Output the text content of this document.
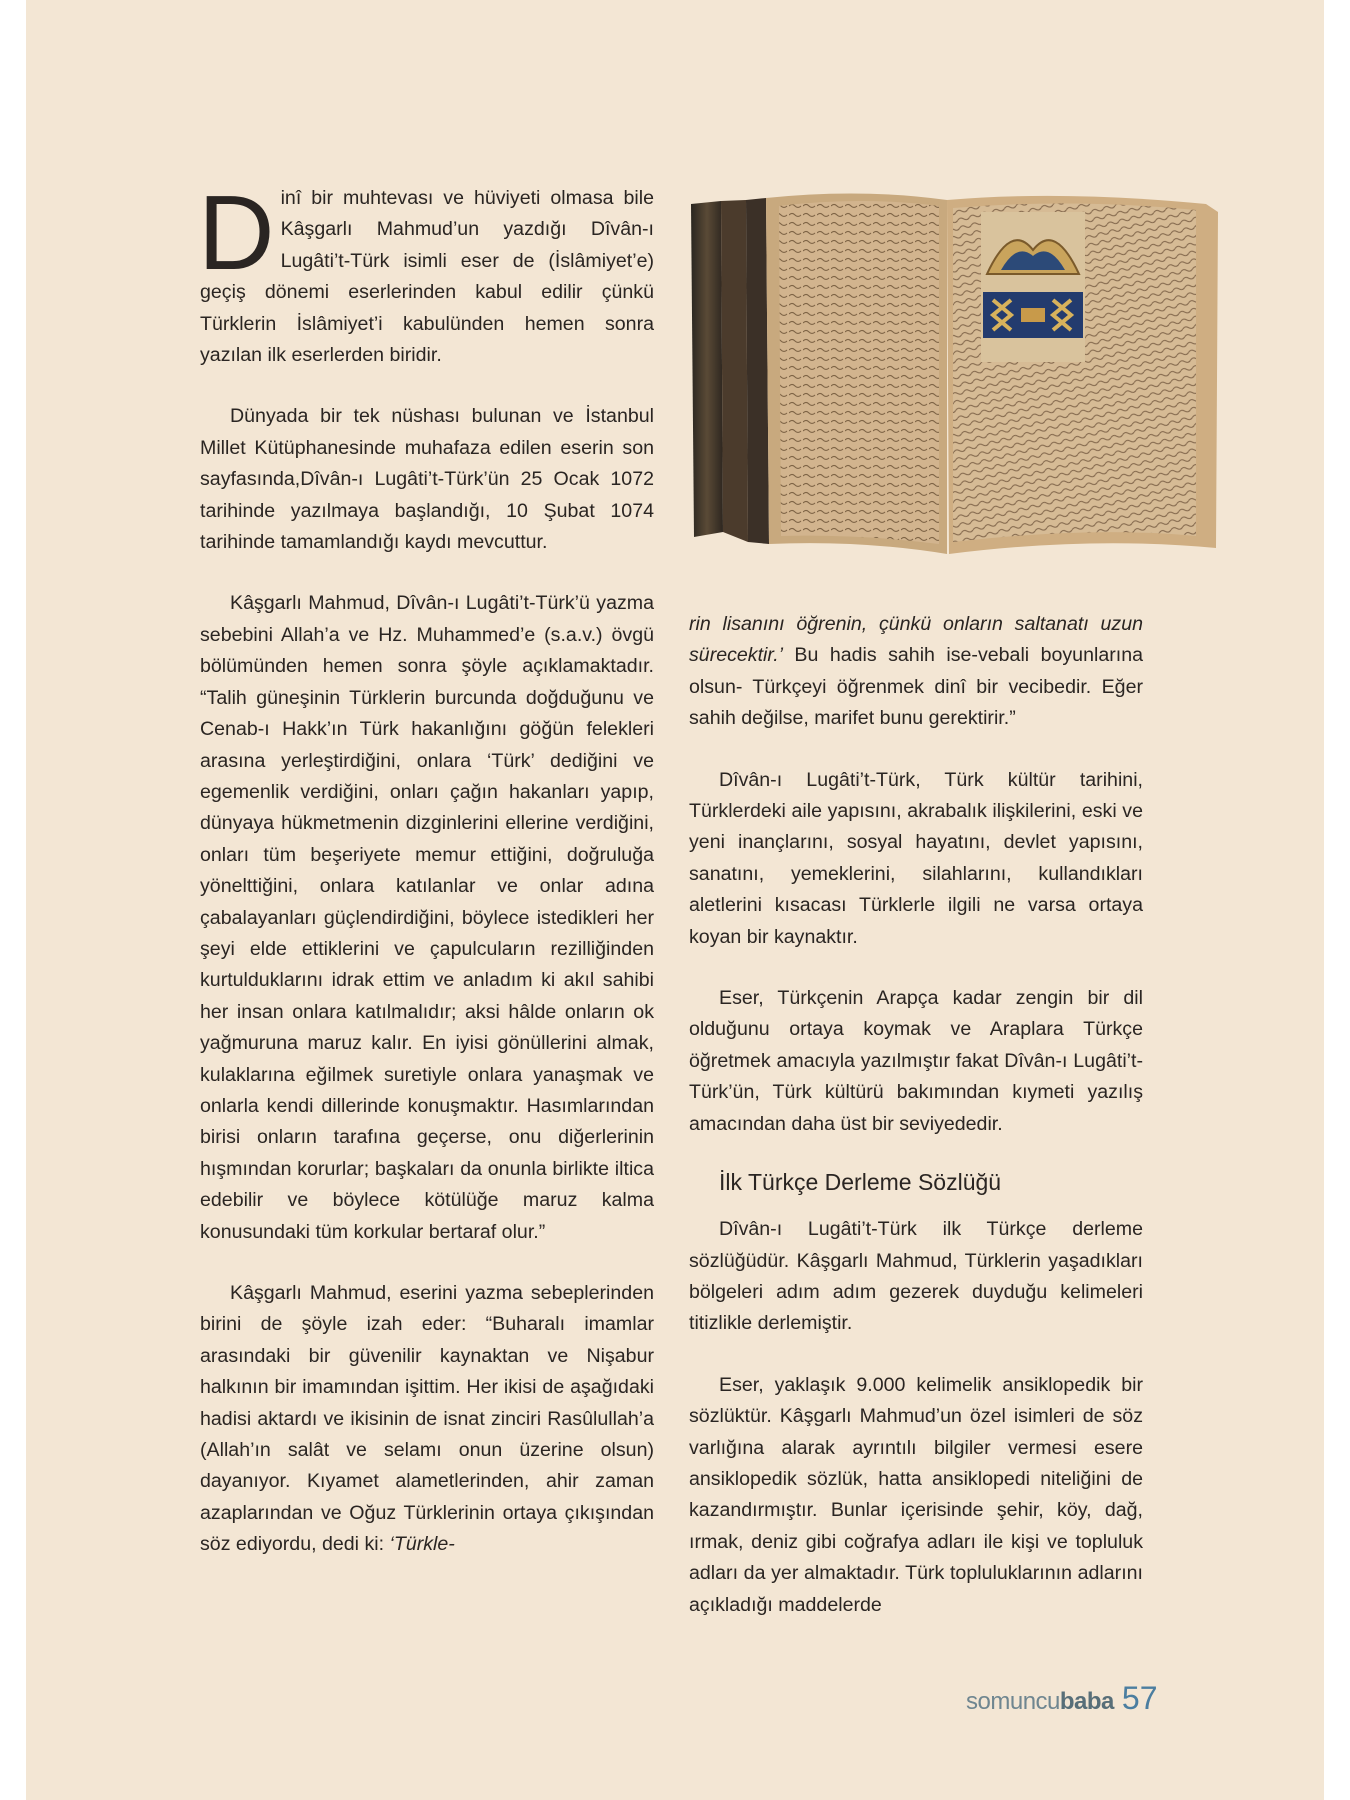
Dinî bir muhtevası ve hüviyeti olmasa bile Kâşgarlı Mahmud’un yazdığı Dîvân-ı Lugâti’t-Türk isimli eser de (İslâmiyet’e) geçiş dönemi eserlerinden kabul edilir çünkü Türklerin İslâmiyet’i kabulünden hemen sonra yazılan ilk eserlerden biridir.

Dünyada bir tek nüshası bulunan ve İstanbul Millet Kütüphanesinde muhafaza edilen eserin son sayfasında,Dîvân-ı Lugâti’t-Türk’ün 25 Ocak 1072 tarihinde yazılmaya başlandığı, 10 Şubat 1074 tarihinde tamamlandığı kaydı mevcuttur.

Kâşgarlı Mahmud, Dîvân-ı Lugâti’t-Türk’ü yazma sebebini Allah’a ve Hz. Muhammed’e (s.a.v.) övgü bölümünden hemen sonra şöyle açıklamaktadır. “Talih güneşinin Türklerin burcunda doğduğunu ve Cenab-ı Hakk’ın Türk hakanlığını göğün felekleri arasına yerleştirdiğini, onlara ‘Türk’ dediğini ve egemenlik verdiğini, onları çağın hakanları yapıp, dünyaya hükmetmenin dizginlerini ellerine verdiğini, onları tüm beşeriyete memur ettiğini, doğruluğa yönelttiğini, onlara katılanlar ve onlar adına çabalayanları güçlendirdiğini, böylece istedikleri her şeyi elde ettiklerini ve çapulcuların rezilliğinden kurtulduklarını idrak ettim ve anladım ki akıl sahibi her insan onlara katılmalıdır; aksi hâlde onların ok yağmuruna maruz kalır. En iyisi gönüllerini almak, kulaklarına eğilmek suretiyle onlara yanaşmak ve onlarla kendi dillerinde konuşmaktır. Hasımlarından birisi onların tarafına geçerse, onu diğerlerinin hışmından korurlar; başkaları da onunla birlikte iltica edebilir ve böylece kötülüğe maruz kalma konusundaki tüm korkular bertaraf olur.”

Kâşgarlı Mahmud, eserini yazma sebeplerinden birini de şöyle izah eder: “Buharalı imamlar arasındaki bir güvenilir kaynaktan ve Nişabur halkının bir imamından işittim. Her ikisi de aşağıdaki hadisi aktardı ve ikisinin de isnat zinciri Rasûlullah’a (Allah’ın salât ve selamı onun üzerine olsun) dayanıyor. Kıyamet alametlerinden, ahir zaman azaplarından ve Oğuz Türklerinin ortaya çıkışından söz ediyordu, dedi ki: ‘Türkle-

rin lisanını öğrenin, çünkü onların saltanatı uzun sürecektir.’ Bu hadis sahih ise-vebali boyunlarına olsun- Türkçeyi öğrenmek dinî bir vecibedir. Eğer sahih değilse, marifet bunu gerektirir.”

Dîvân-ı Lugâti’t-Türk, Türk kültür tarihini, Türklerdeki aile yapısını, akrabalık ilişkilerini, eski ve yeni inançlarını, sosyal hayatını, devlet yapısını, sanatını, yemeklerini, silahlarını, kullandıkları aletlerini kısacası Türklerle ilgili ne varsa ortaya koyan bir kaynaktır.

Eser, Türkçenin Arapça kadar zengin bir dil olduğunu ortaya koymak ve Araplara Türkçe öğretmek amacıyla yazılmıştır fakat Dîvân-ı Lugâti’t-Türk’ün, Türk kültürü bakımından kıymeti yazılış amacından daha üst bir seviyededir.

İlk Türkçe Derleme Sözlüğü

Dîvân-ı Lugâti’t-Türk ilk Türkçe derleme sözlüğüdür. Kâşgarlı Mahmud, Türklerin yaşadıkları bölgeleri adım adım gezerek duyduğu kelimeleri titizlikle derlemiştir.

Eser, yaklaşık 9.000 kelimelik ansiklopedik bir sözlüktür. Kâşgarlı Mahmud’un özel isimleri de söz varlığına alarak ayrıntılı bilgiler vermesi esere ansiklopedik sözlük, hatta ansiklopedi niteliğini de kazandırmıştır. Bunlar içerisinde şehir, köy, dağ, ırmak, deniz gibi coğrafya adları ile kişi ve topluluk adları da yer almaktadır. Türk topluluklarının adlarını açıkladığı maddelerde

somuncubaba 57
